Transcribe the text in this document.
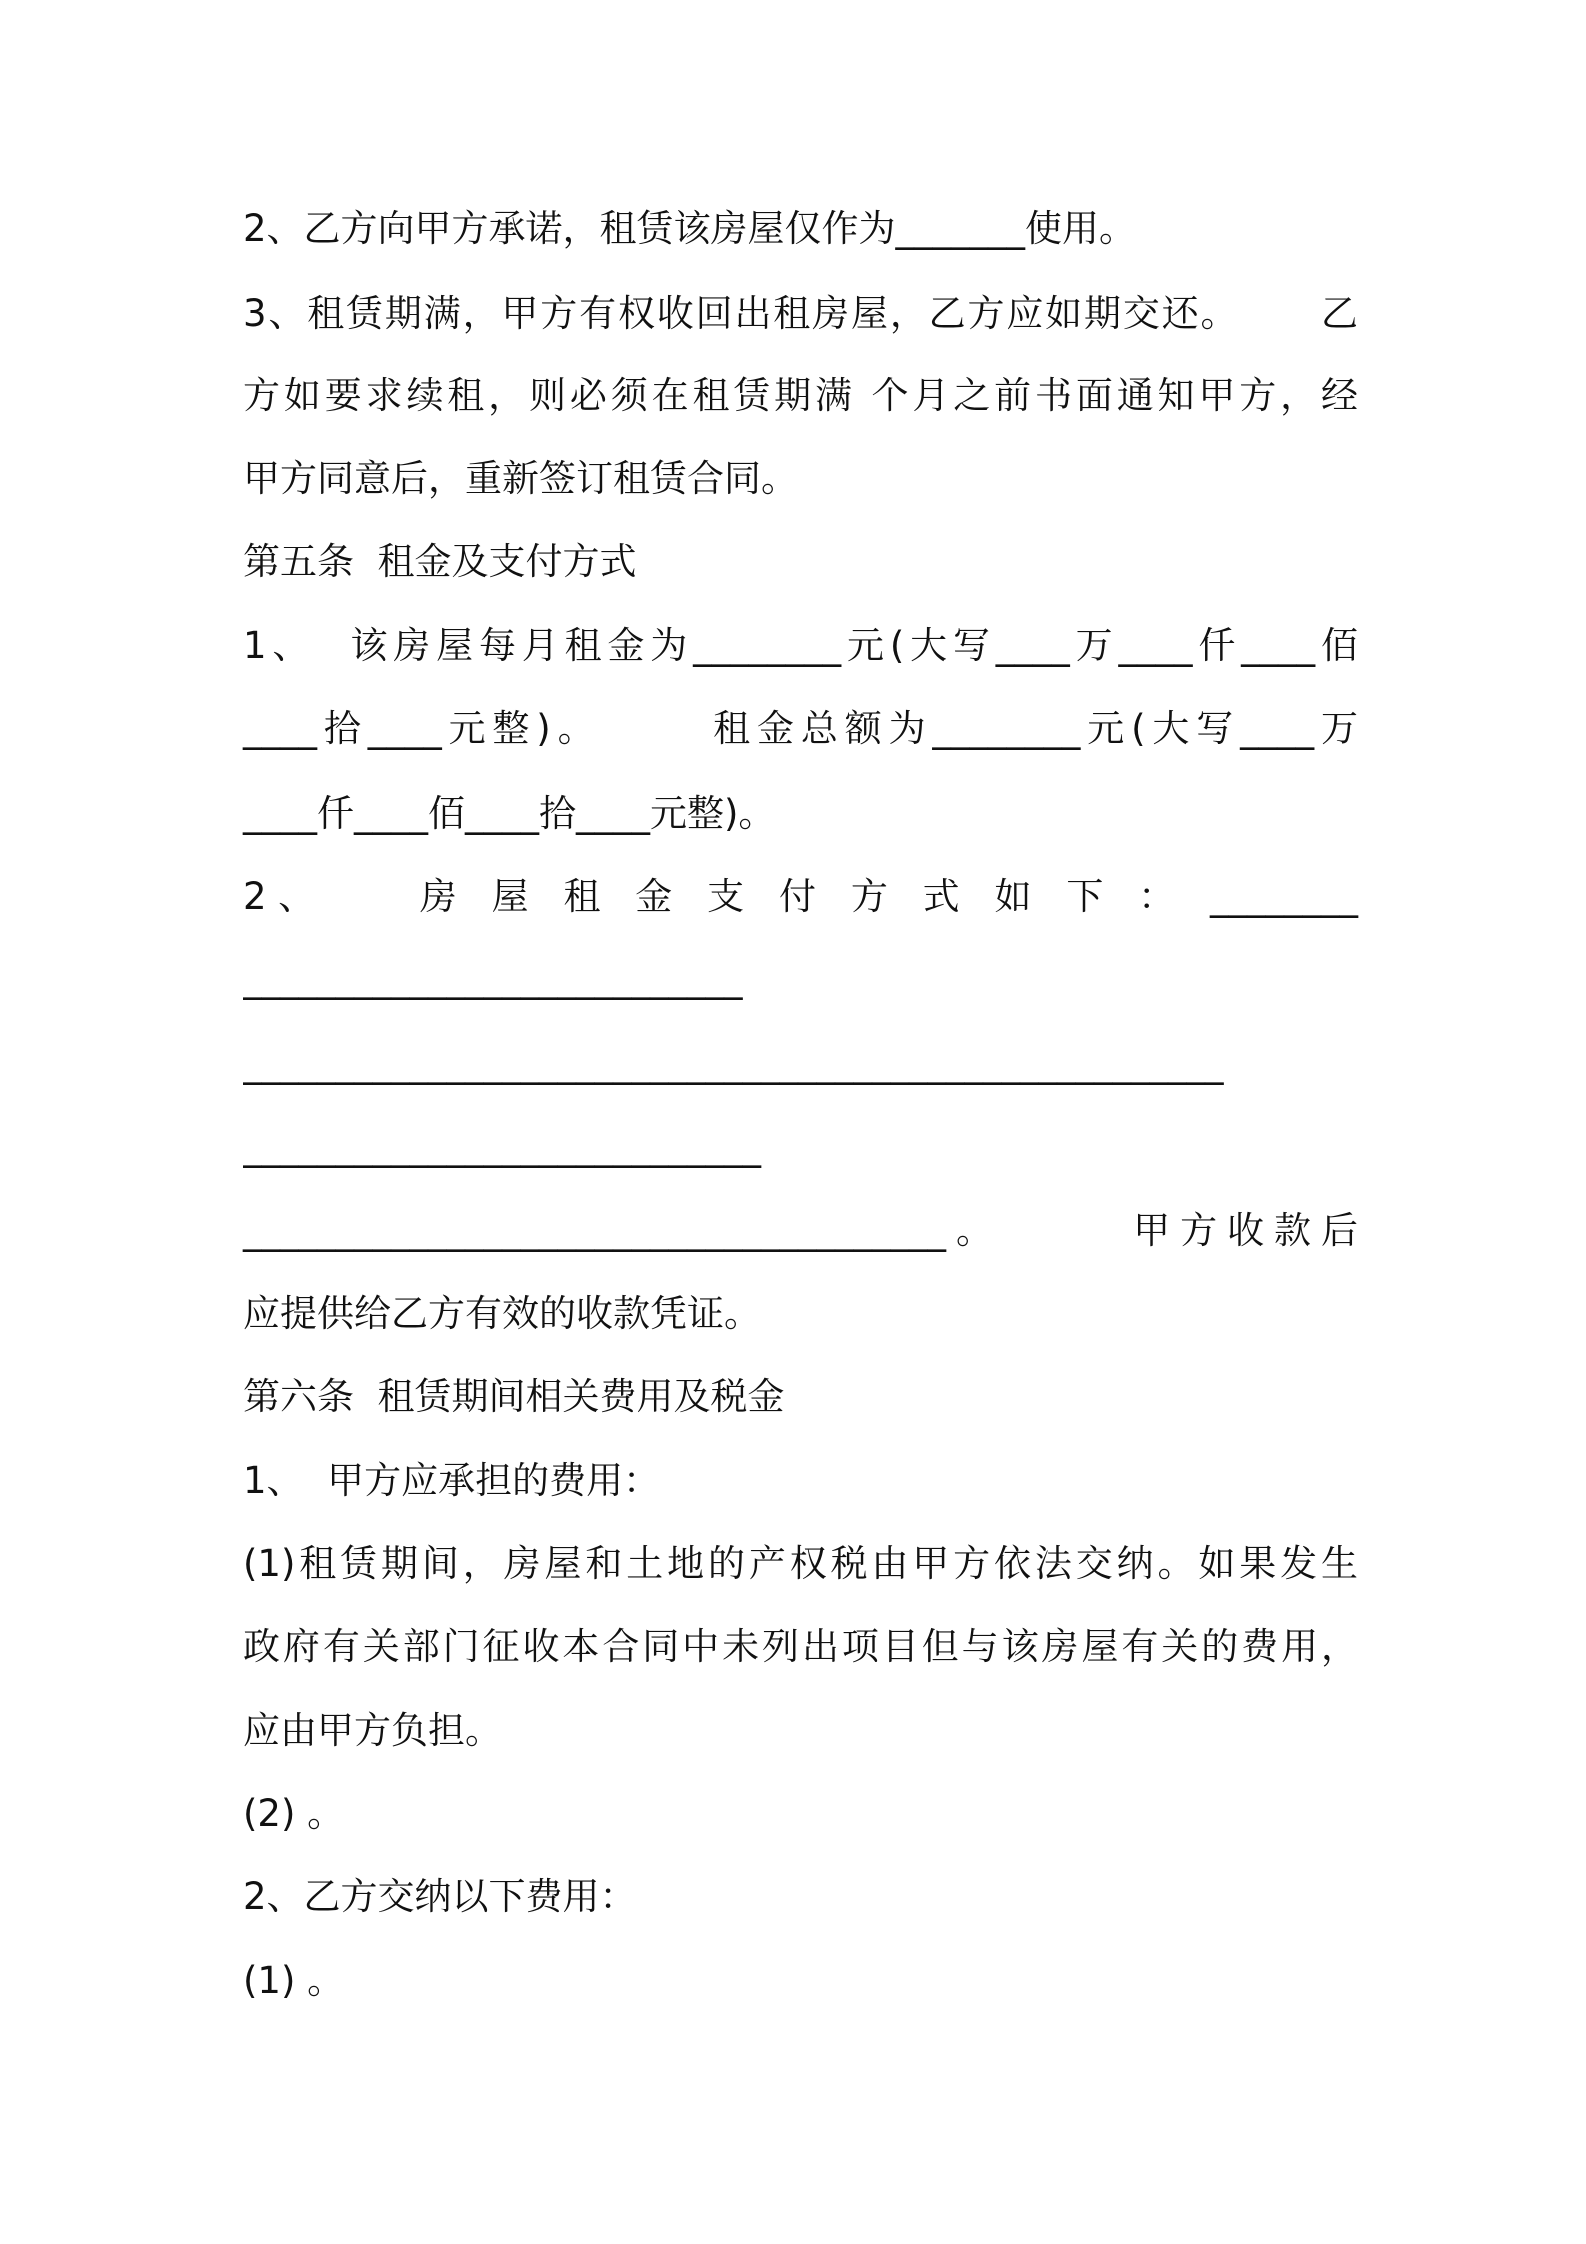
2、乙方向甲方承诺，租赁该房屋仅作为_______使用。
3、租赁期满，甲方有权收回出租房屋，乙方应如期交还。      乙
方如要求续租，则必须在租赁期满 个月之前书面通知甲方，经
甲方同意后，重新签订租赁合同。
第五条  租金及支付方式
1、  该房屋每月租金为________元(大写____万____仟____佰
____拾____元整)。      租金总额为________元(大写____万
____仟____佰____拾____元整)。
2、    房 屋 租 金 支 付 方 式 如 下 ： ________
___________________________
_____________________________________________________
____________________________
______________________________________。      甲方收款后
应提供给乙方有效的收款凭证。
第六条  租赁期间相关费用及税金
1、  甲方应承担的费用：
(1)租赁期间，房屋和土地的产权税由甲方依法交纳。如果发生
政府有关部门征收本合同中未列出项目但与该房屋有关的费用，
应由甲方负担。
(2) 。
2、乙方交纳以下费用：
(1) 。
